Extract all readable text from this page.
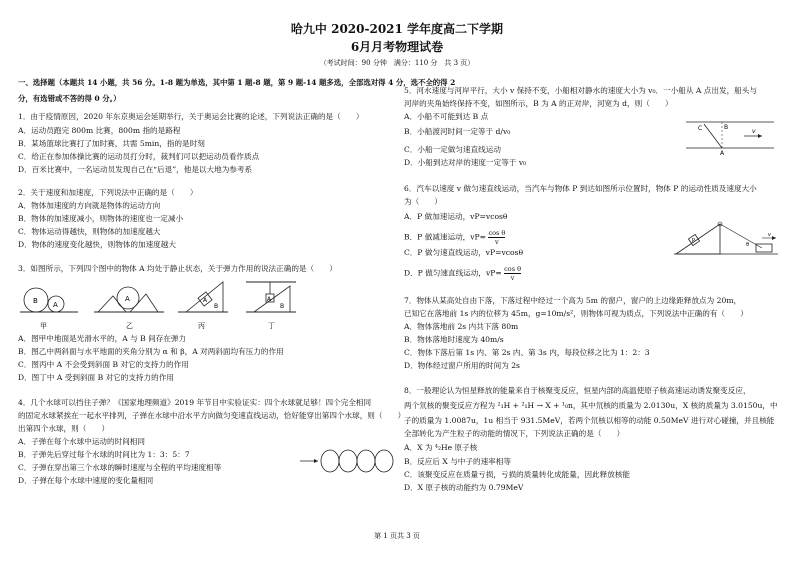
哈九中 2020-2021 学年度高二下学期
6月月考物理试卷
（考试时间：90 分钟　满分：110 分　共 3 页）
一、选择题（本题共 14 小题，共 56 分。1-8 题为单选，其中第 1 题-8 题，第 9 题-14 题多选，全部选对得 4 分，选不全的得 2
分，有选错或不答的得 0 分。）
1．由于疫情原因，2020 年东京奥运会延期举行，关于奥运会比赛的论述，下列说法正确的是（　　）
A．运动员跑完 800m 比赛，800m 指的是路程
B．某场篮球比赛打了加时赛，共需 5min，指的是时刻
C．给正在参加体操比赛的运动员打分时，裁判们可以把运动员看作质点
D．百米比赛中，一名运动员发现自己在“后退”，他是以大地为参考系
2．关于速度和加速度，下列说法中正确的是（　　）
A．物体加速度的方向就是物体的运动方向
B．物体的加速度减小，则物体的速度也一定减小
C．物体运动得越快，则物体的加速度越大
D．物体的速度变化越快，则物体的加速度越大
3．如图所示，下列四个图中的物体 A 均处于静止状态，关于弹力作用的说法正确的是（　　）
B A
甲
A
乙
A
B
丙
A
B
丁
A．图甲中地面是光滑水平的，A 与 B 间存在弹力
B．图乙中两斜面与水平地面的夹角分别为 α 和 β，A 对两斜面均有压力的作用
C．图丙中 A 不会受到斜面 B 对它的支持力的作用
D．图丁中 A 受到斜面 B 对它的支持力的作用
4．几个水球可以挡住子弹？《国家地理频道》2019 年节目中实验证实：四个水球就足够！四个完全相同
的固定水球紧挨在一起水平排列，子弹在水球中沿水平方向做匀变速直线运动，恰好能穿出第四个水球，则（　　）
出第四个水球，则（　　）
A．子弹在每个水球中运动的时间相同
B．子弹先后穿过每个水球的时间比为 1：3：5：7
C．子弹在穿出第三个水球的瞬时速度与全程的平均速度相等
D．子弹在每个水球中速度的变化量相同
5．河水速度与河岸平行，大小 v 保持不变，小船相对静水的速度大小为 v₀．一小船从 A 点出发，船头与
河岸的夹角始终保持不变，如图所示，B 为 A 的正对岸，河宽为 d，则（　　）
A．小船不可能到达 B 点
B．小船渡河时间一定等于 d/v₀
C．小船一定做匀速直线运动
D．小船到达对岸的速度一定等于 v₀
C	B
A
v
6．汽车以速度 v 做匀速直线运动，当汽车与物体 P 到达如图所示位置时，物体 P 的运动性质及速度大小
为（　　）
A．P 做加速运动，vP=vcosθ
B．P 做减速运动，$vP= \frac{\text{cos θ}}{v}$
C．P 做匀速直线运动，vP=vcosθ
D．P 做匀速直线运动，$vP= \frac{\text{cos θ}}{v}$
P
θ
v
7．物体从某高处自由下落，下落过程中经过一个高为 5m 的窗户，窗户的上边缘距释放点为 20m，
已知它在落地前 1s 内的位移为 45m，g=10m/s²，则物体可视为质点，下列说法中正确的有（　　）
A．物体落地前 2s 内共下落 80m
B．物体落地时速度为 40m/s
C．物体下落后第 1s 内、第 2s 内、第 3s 内，每段位移之比为 1：2：3
D．物体经过窗户所用的时间为 2s
8．一般理论认为恒星释放的能量来自于核聚变反应，恒星内部的高温使原子核高速运动诱发聚变反应，
两个氘核的聚变反应方程为 ²₁H + ²₁H → X + ¹₀n，其中氘核的质量为 2.0130u，X 核的质量为 3.0150u，中
子的质量为 1.0087u，1u 相当于 931.5MeV，若两个氘核以相等的动能 0.50MeV 进行对心碰撞，并且核能
全部转化为产生粒子的动能的情况下，下列说法正确的是（　　）
A．X 为 ⁴₂He 原子核
B．反应后 X 与中子的速率相等
C．该聚变反应在质量亏损，亏损的质量转化成能量，因此释放核能
D．X 原子核的动能约为 0.79MeV
第 1 页共 3 页
